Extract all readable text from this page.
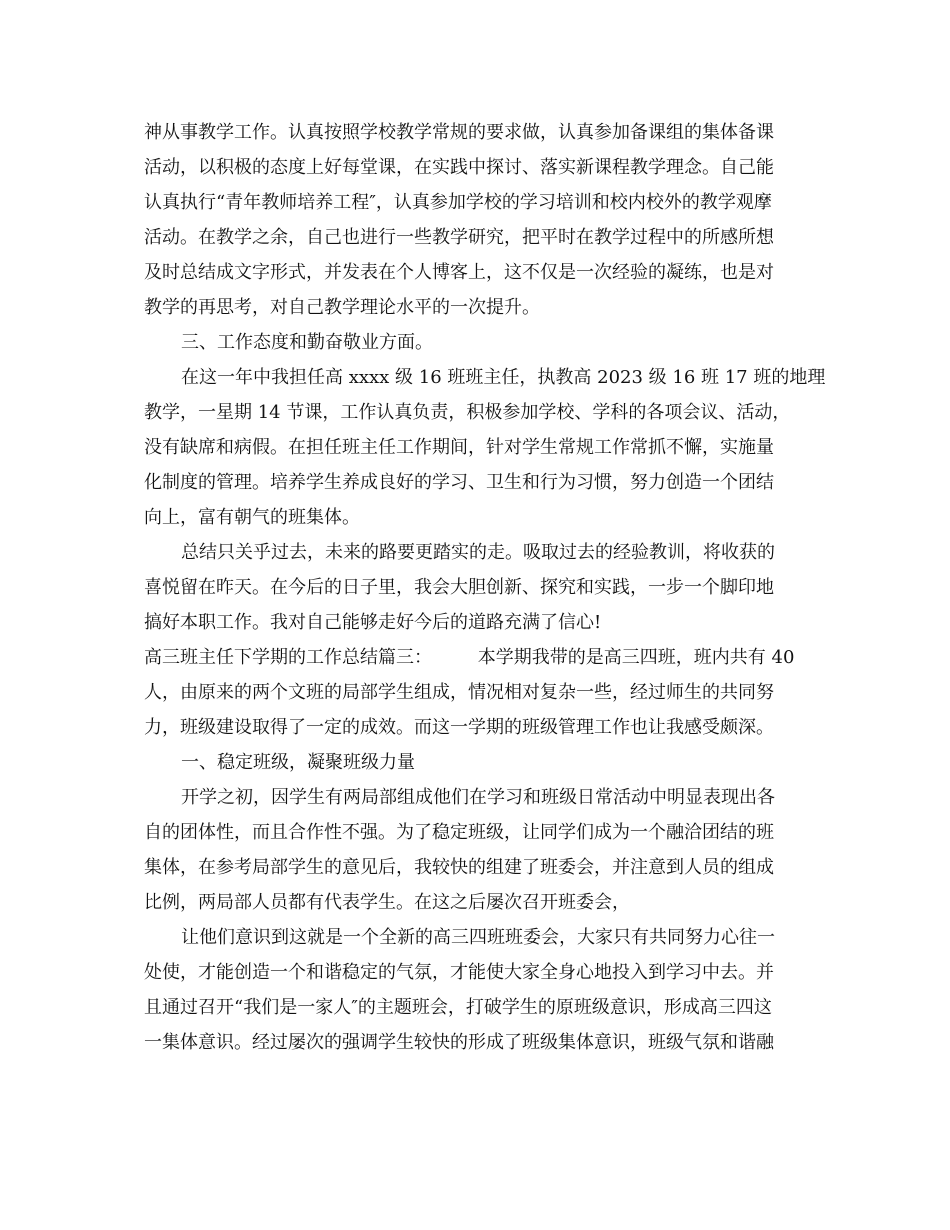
神从事教学工作。认真按照学校教学常规的要求做，认真参加备课组的集体备课
活动，以积极的态度上好每堂课，在实践中探讨、落实新课程教学理念。自己能
认真执行“青年教师培养工程″，认真参加学校的学习培训和校内校外的教学观摩
活动。在教学之余，自己也进行一些教学研究，把平时在教学过程中的所感所想
及时总结成文字形式，并发表在个人博客上，这不仅是一次经验的凝练，也是对
教学的再思考，对自己教学理论水平的一次提升。
三、工作态度和勤奋敬业方面。
在这一年中我担任高 xxxx 级 16 班班主任，执教高 2023 级 16 班 17 班的地理
教学，一星期 14 节课，工作认真负责，积极参加学校、学科的各项会议、活动，
没有缺席和病假。在担任班主任工作期间，针对学生常规工作常抓不懈，实施量
化制度的管理。培养学生养成良好的学习、卫生和行为习惯，努力创造一个团结
向上，富有朝气的班集体。
总结只关乎过去，未来的路要更踏实的走。吸取过去的经验教训，将收获的
喜悦留在昨天。在今后的日子里，我会大胆创新、探究和实践，一步一个脚印地
搞好本职工作。我对自己能够走好今后的道路充满了信心!
高三班主任下学期的工作总结篇三：        本学期我带的是高三四班，班内共有 40
人，由原来的两个文班的局部学生组成，情况相对复杂一些，经过师生的共同努
力，班级建设取得了一定的成效。而这一学期的班级管理工作也让我感受颇深。
一、稳定班级，凝聚班级力量
开学之初，因学生有两局部组成他们在学习和班级日常活动中明显表现出各
自的团体性，而且合作性不强。为了稳定班级，让同学们成为一个融洽团结的班
集体，在参考局部学生的意见后，我较快的组建了班委会，并注意到人员的组成
比例，两局部人员都有代表学生。在这之后屡次召开班委会，
让他们意识到这就是一个全新的高三四班班委会，大家只有共同努力心往一
处使，才能创造一个和谐稳定的气氛，才能使大家全身心地投入到学习中去。并
且通过召开“我们是一家人″的主题班会，打破学生的原班级意识，形成高三四这
一集体意识。经过屡次的强调学生较快的形成了班级集体意识，班级气氛和谐融
